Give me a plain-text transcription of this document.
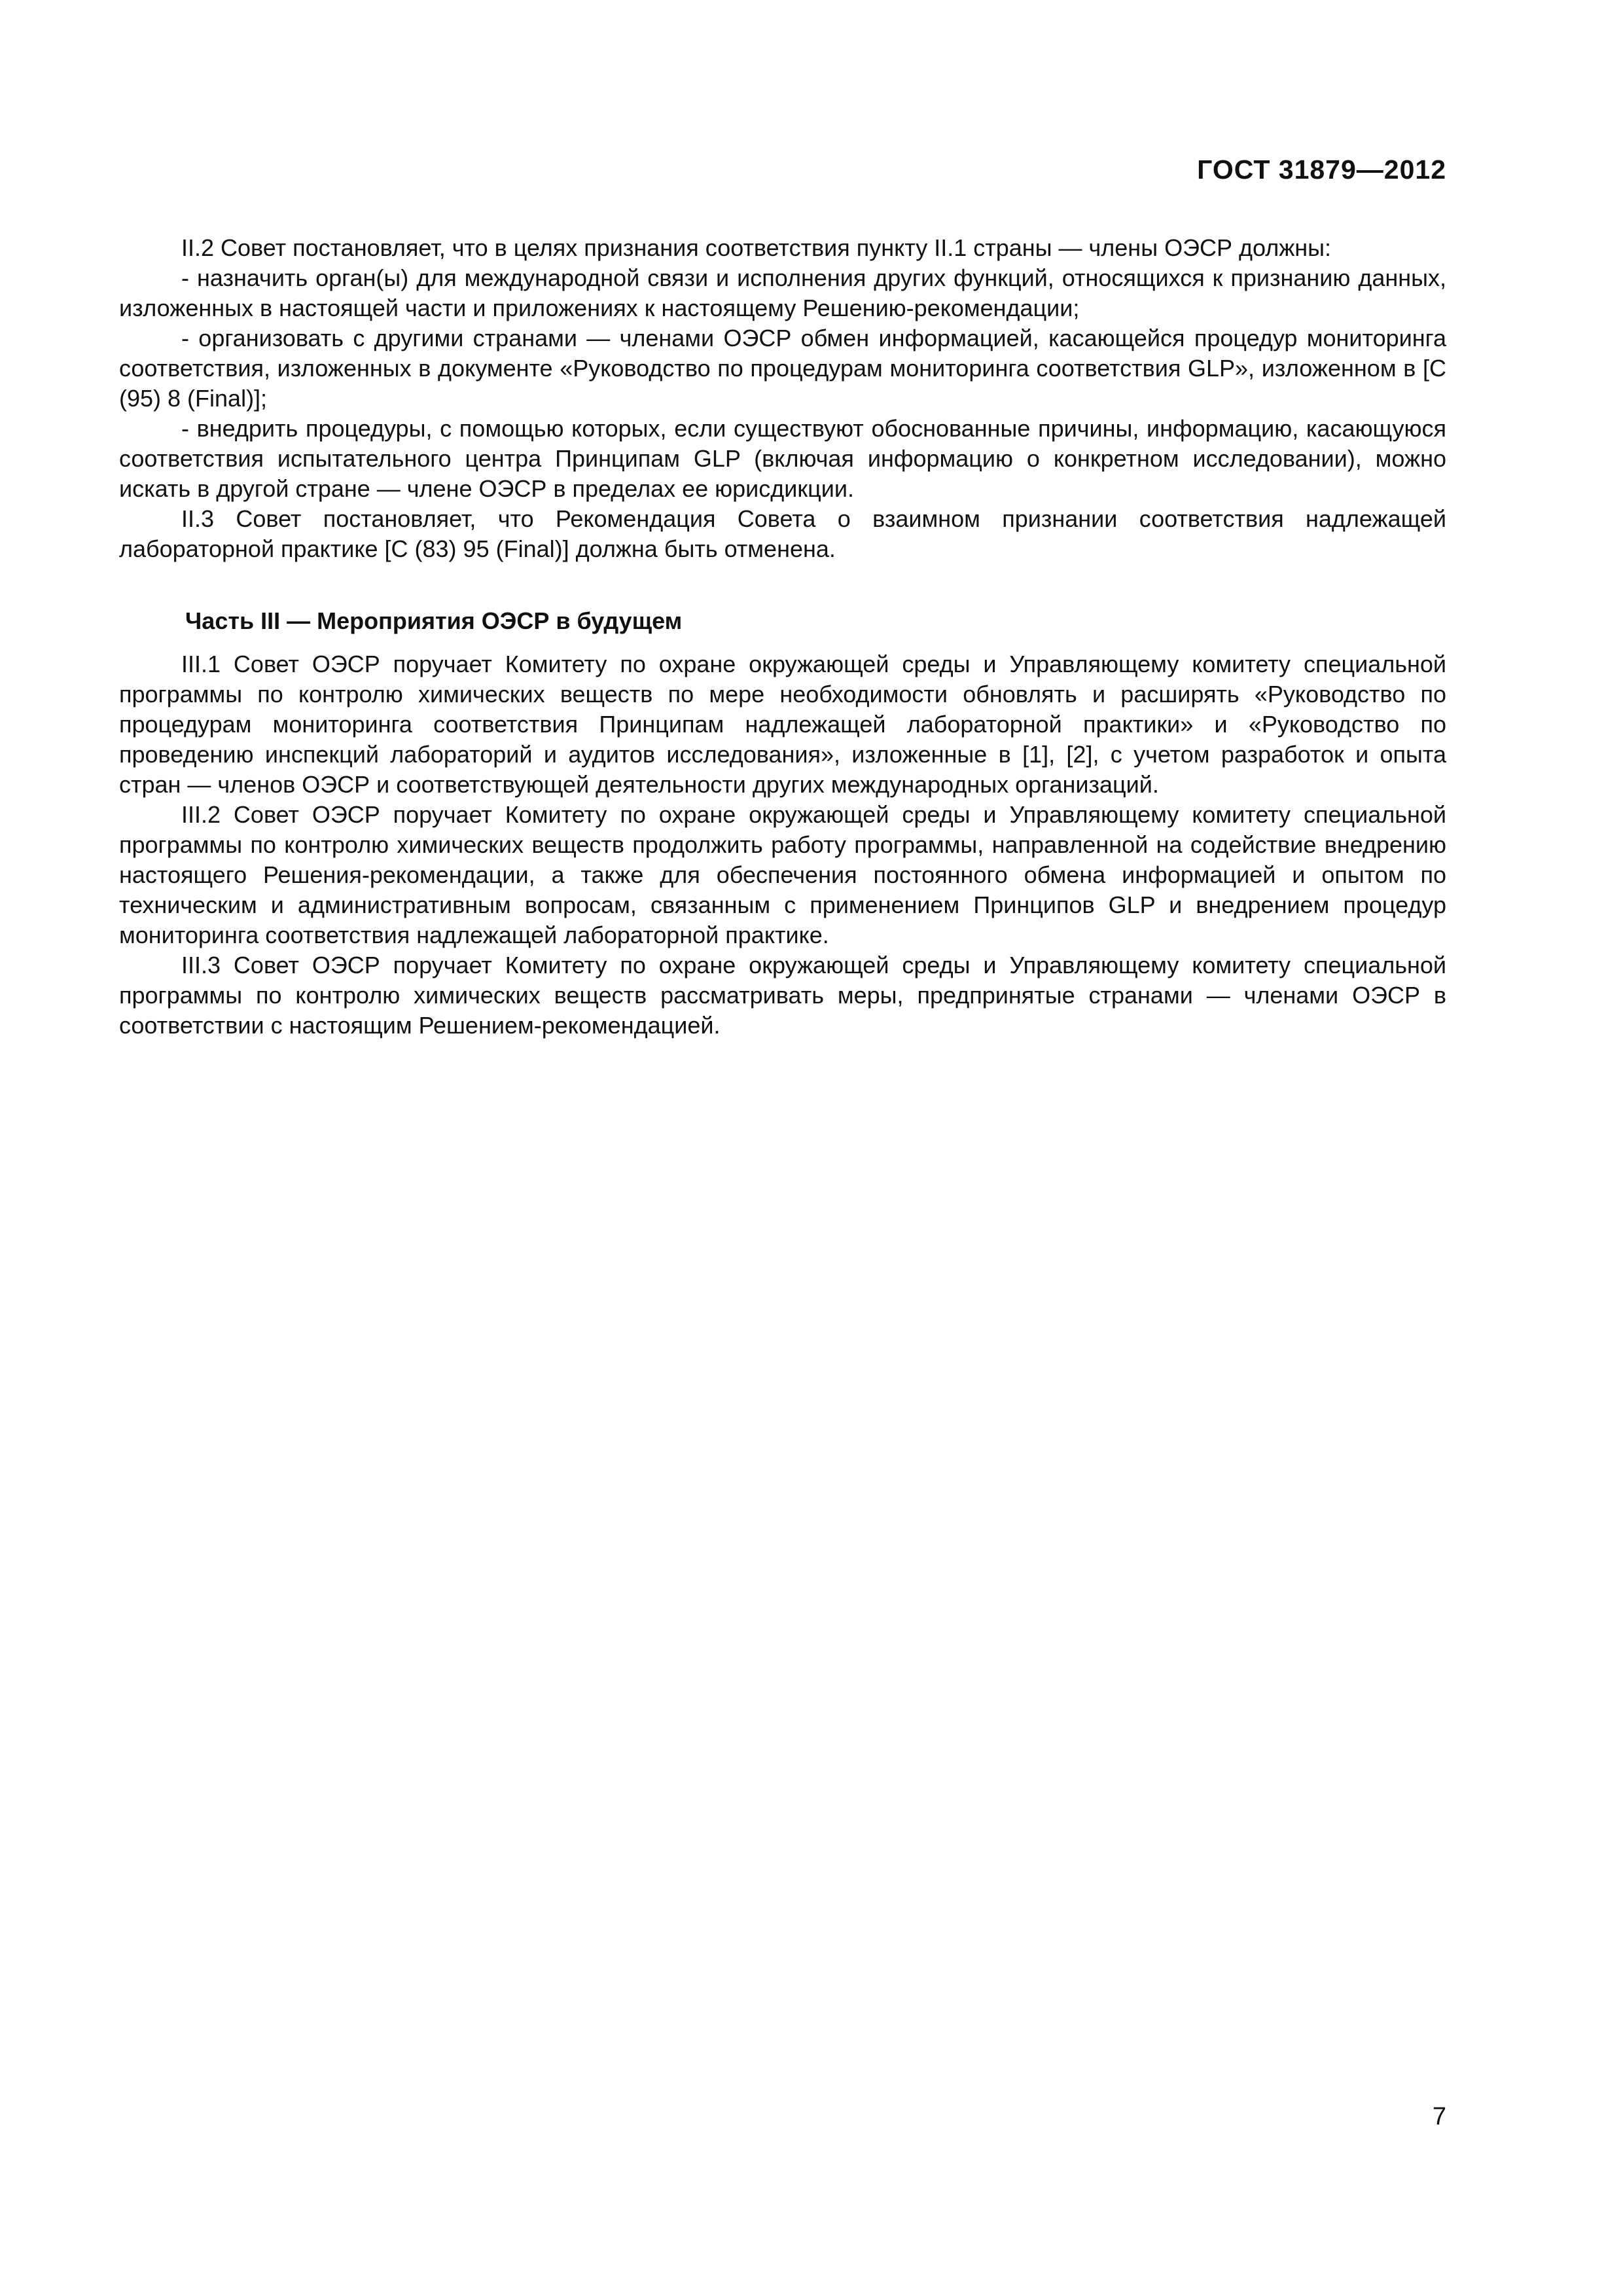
ГОСТ 31879—2012

II.2 Совет постановляет, что в целях признания соответствия пункту II.1 страны — члены ОЭСР должны:

- назначить орган(ы) для международной связи и исполнения других функций, относящихся к признанию данных, изложенных в настоящей части и приложениях к настоящему Решению-рекомендации;

- организовать с другими странами — членами ОЭСР обмен информацией, касающейся процедур мониторинга соответствия, изложенных в документе «Руководство по процедурам мониторинга соответствия GLP», изложенном в [C (95) 8 (Final)];

- внедрить процедуры, с помощью которых, если существуют обоснованные причины, информацию, касающуюся соответствия испытательного центра Принципам GLP (включая информацию о конкретном исследовании), можно искать в другой стране — члене ОЭСР в пределах ее юрисдикции.

II.3 Совет постановляет, что Рекомендация Совета о взаимном признании соответствия надлежащей лабораторной практике [C (83) 95 (Final)] должна быть отменена.

Часть III — Мероприятия ОЭСР в будущем

III.1 Совет ОЭСР поручает Комитету по охране окружающей среды и Управляющему комитету специальной программы по контролю химических веществ по мере необходимости обновлять и расширять «Руководство по процедурам мониторинга соответствия Принципам надлежащей лабораторной практики» и «Руководство по проведению инспекций лабораторий и аудитов исследования», изложенные в [1], [2], с учетом разработок и опыта стран — членов ОЭСР и соответствующей деятельности других международных организаций.

III.2 Совет ОЭСР поручает Комитету по охране окружающей среды и Управляющему комитету специальной программы по контролю химических веществ продолжить работу программы, направленной на содействие внедрению настоящего Решения-рекомендации, а также для обеспечения постоянного обмена информацией и опытом по техническим и административным вопросам, связанным с применением Принципов GLP и внедрением процедур мониторинга соответствия надлежащей лабораторной практике.

III.3 Совет ОЭСР поручает Комитету по охране окружающей среды и Управляющему комитету специальной программы по контролю химических веществ рассматривать меры, предпринятые странами — членами ОЭСР в соответствии с настоящим Решением-рекомендацией.

7
